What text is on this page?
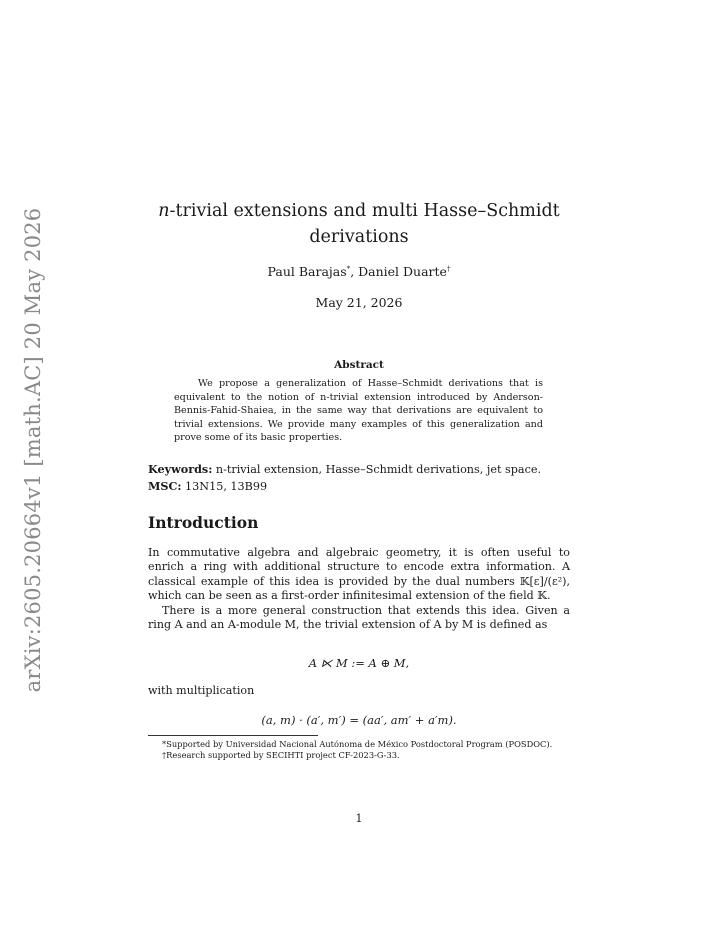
arXiv:2605.20664v1 [math.AC] 20 May 2026	n-trivial extensions and multi Hasse–Schmidt
derivations
Paul Barajas*, Daniel Duarte†
May 21, 2026
Abstract

We propose a generalization of Hasse–Schmidt derivations that is equivalent to the notion of n-trivial extension introduced by Anderson-Bennis-Fahid-Shaiea, in the same way that derivations are equivalent to trivial extensions. We provide many examples of this generalization and prove some of its basic properties.

Keywords: n-trivial extension, Hasse–Schmidt derivations, jet space.
MSC: 13N15, 13B99
Introduction

In commutative algebra and algebraic geometry, it is often useful to enrich a ring with additional structure to encode extra information. A classical example of this idea is provided by the dual numbers 𝕂[ε]/(ε²), which can be seen as a first-order infinitesimal extension of the field 𝕂.

There is a more general construction that extends this idea. Given a ring A and an A-module M, the trivial extension of A by M is defined as

A ⋉ M := A ⊕ M,
with multiplication
(a, m) · (a′, m′) = (aa′, am′ + a′m).
*Supported by Universidad Nacional Autónoma de México Postdoctoral Program (POSDOC).
†Research supported by SECIHTI project CF-2023-G-33.
1
